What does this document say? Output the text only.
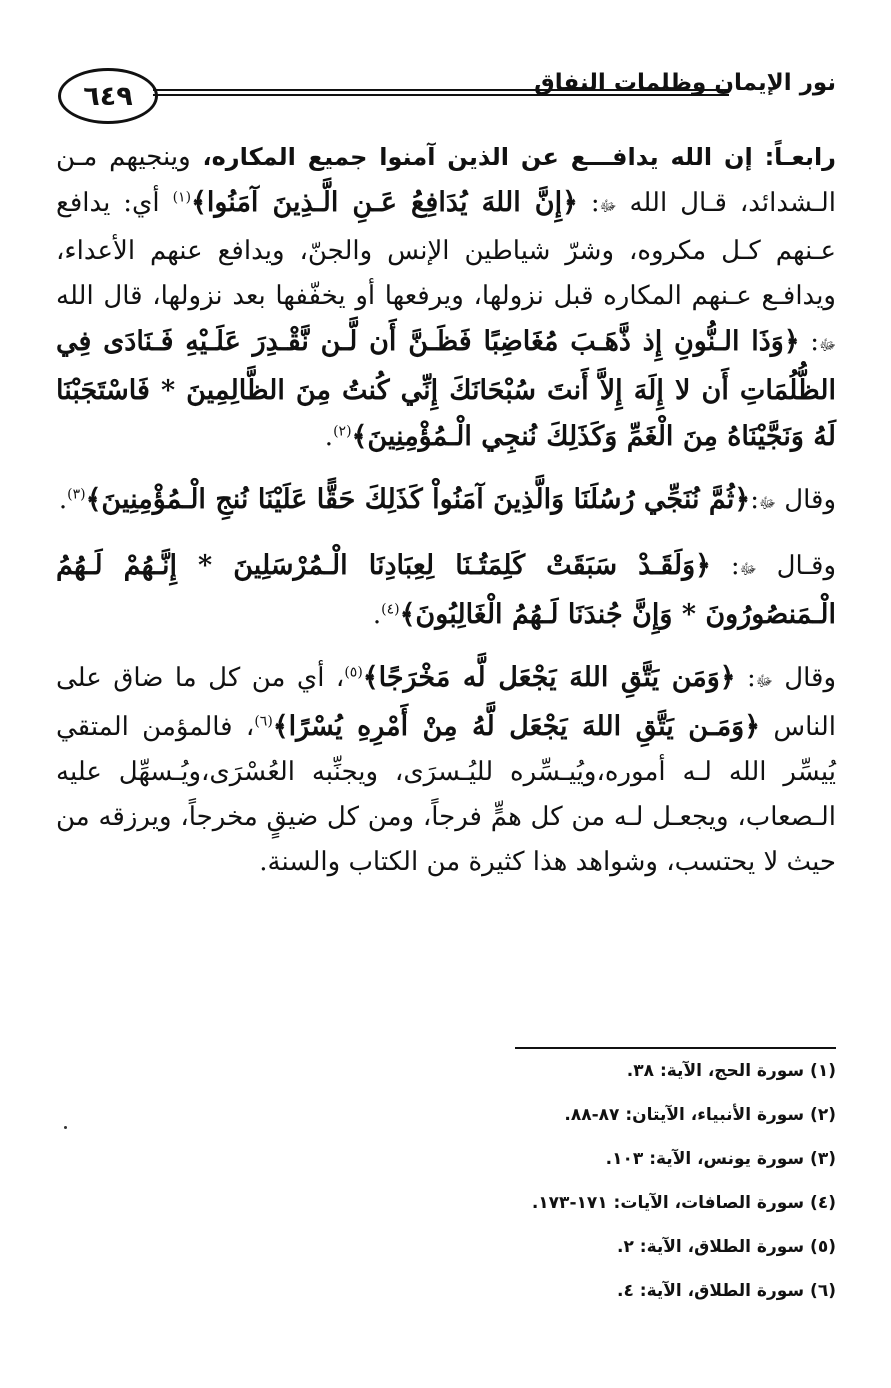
٦٤٩	نور الإيمان وظلمات النفاق

رابعـاً: إن الله يدافـــع عن الذين آمنوا جميع المكاره، وينجيهم مـن الـشدائد، قـال الله ﷻ: ﴿إِنَّ اللهَ يُدَافِعُ عَـنِ الَّـذِينَ آمَنُوا﴾$^{(١)}$ أي: يدافع عـنهم كـل مكروه، وشرّ شياطين الإنس والجنّ، ويدافع عنهم الأعداء، ويدافـع عـنهم المكاره قبل نزولها، ويرفعها أو يخفّفها بعد نزولها، قال الله ﷻ: ﴿وَذَا الـنُّونِ إِذ ذَّهَـبَ مُغَاضِبًا فَظَـنَّ أَن لَّـن نَّقْـدِرَ عَلَـيْهِ فَـنَادَى فِي الظُّلُمَاتِ أَن لا إِلَهَ إِلاَّ أَنتَ سُبْحَانَكَ إِنِّي كُنتُ مِنَ الظَّالِمِينَ * فَاسْتَجَبْنَا لَهُ وَنَجَّيْنَاهُ مِنَ الْغَمِّ وَكَذَلِكَ نُنجِي الْـمُؤْمِنِينَ﴾$^{(٢)}$.

وقال ﷻ:﴿ثُمَّ نُنَجِّي رُسُلَنَا وَالَّذِينَ آمَنُواْ كَذَلِكَ حَقًّا عَلَيْنَا نُنجِ الْـمُؤْمِنِينَ﴾$^{(٣)}$.

وقـال ﷻ: ﴿وَلَقَـدْ سَبَقَتْ كَلِمَتُـنَا لِعِبَادِنَا الْـمُرْسَلِينَ * إِنَّـهُمْ لَـهُمُ الْـمَنصُورُونَ * وَإِنَّ جُندَنَا لَـهُمُ الْغَالِبُونَ﴾$^{(٤)}$.

وقال ﷻ: ﴿وَمَن يَتَّقِ اللهَ يَجْعَل لَّه مَخْرَجًا﴾$^{(٥)}$، أي من كل ما ضاق على الناس ﴿وَمَـن يَتَّقِ اللهَ يَجْعَل لَّهُ مِنْ أَمْرِهِ يُسْرًا﴾$^{(٦)}$، فالمؤمن المتقي يُيسِّر الله لـه أموره،ويُيـسِّره لليُـسرَى، ويجنِّبه العُسْرَى،ويُـسهِّل عليه الـصعاب، ويجعـل لـه من كل همٍّ فرجاً، ومن كل ضيقٍ مخرجاً، ويرزقه من حيث لا يحتسب، وشواهد هذا كثيرة من الكتاب والسنة.

(١) سورة الحج، الآية: ٣٨.
(٢) سورة الأنبياء، الآيتان: ٨٧-٨٨.
(٣) سورة يونس، الآية: ١٠٣.
(٤) سورة الصافات، الآيات: ١٧١-١٧٣.
(٥) سورة الطلاق، الآية: ٢.
(٦) سورة الطلاق، الآية: ٤.
